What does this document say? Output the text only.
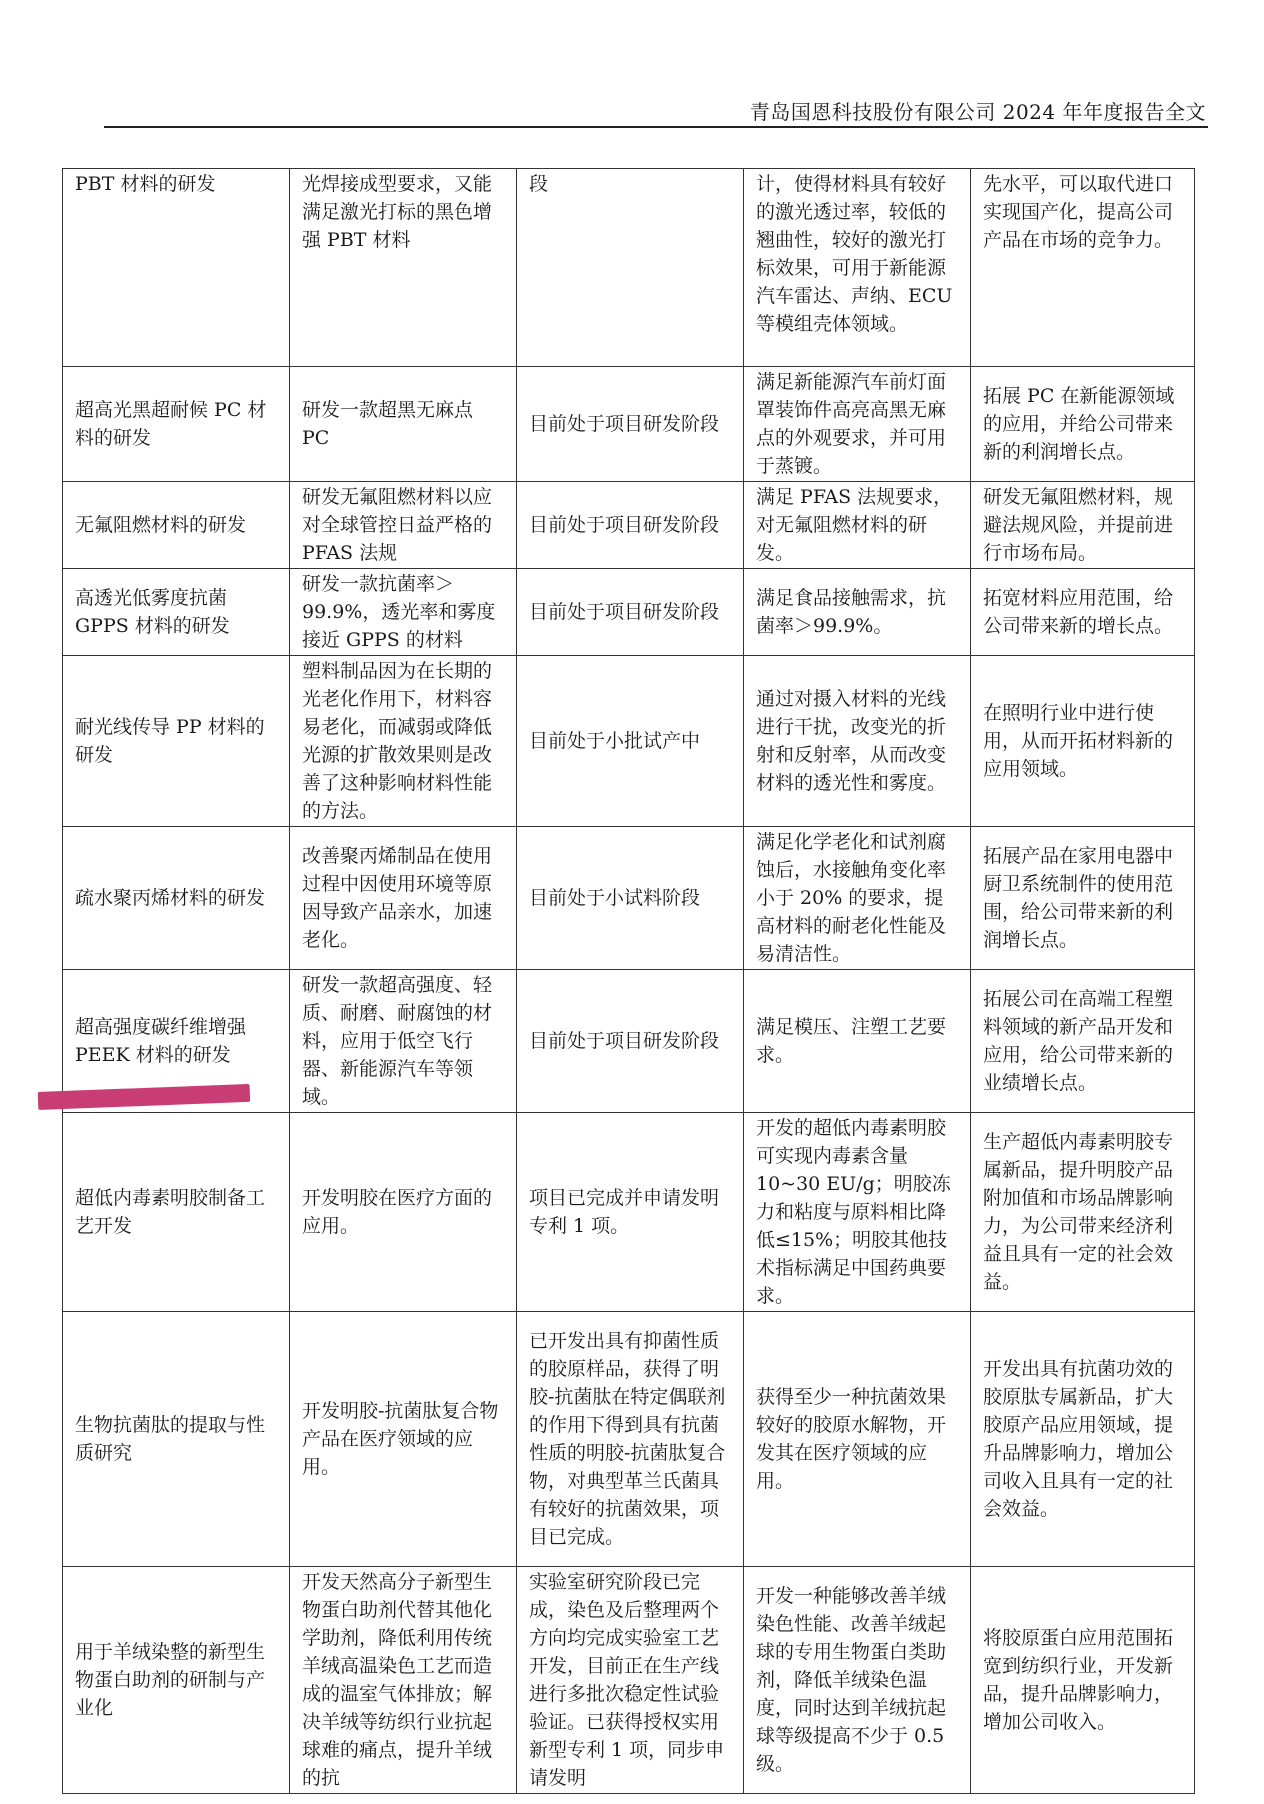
青岛国恩科技股份有限公司 2024 年年度报告全文
PBT 材料的研发	光焊接成型要求，又能满足激光打标的黑色增强 PBT 材料	段	计，使得材料具有较好的激光透过率，较低的翘曲性，较好的激光打标效果，可用于新能源汽车雷达、声纳、ECU 等模组壳体领域。	先水平，可以取代进口实现国产化，提高公司产品在市场的竞争力。
超高光黑超耐候 PC 材料的研发	研发一款超黑无麻点 PC	目前处于项目研发阶段	满足新能源汽车前灯面罩装饰件高亮高黑无麻点的外观要求，并可用于蒸镀。	拓展 PC 在新能源领域的应用，并给公司带来新的利润增长点。
无氟阻燃材料的研发	研发无氟阻燃材料以应对全球管控日益严格的 PFAS 法规	目前处于项目研发阶段	满足 PFAS 法规要求，对无氟阻燃材料的研发。	研发无氟阻燃材料，规避法规风险，并提前进行市场布局。
高透光低雾度抗菌 GPPS 材料的研发	研发一款抗菌率＞99.9%，透光率和雾度接近 GPPS 的材料	目前处于项目研发阶段	满足食品接触需求，抗菌率＞99.9%。	拓宽材料应用范围，给公司带来新的增长点。
耐光线传导 PP 材料的研发	塑料制品因为在长期的光老化作用下，材料容易老化，而减弱或降低光源的扩散效果则是改善了这种影响材料性能的方法。	目前处于小批试产中	通过对摄入材料的光线进行干扰，改变光的折射和反射率，从而改变材料的透光性和雾度。	在照明行业中进行使用，从而开拓材料新的应用领域。
疏水聚丙烯材料的研发	改善聚丙烯制品在使用过程中因使用环境等原因导致产品亲水，加速老化。	目前处于小试料阶段	满足化学老化和试剂腐蚀后，水接触角变化率小于 20% 的要求，提高材料的耐老化性能及易清洁性。	拓展产品在家用电器中厨卫系统制件的使用范围，给公司带来新的利润增长点。
超高强度碳纤维增强 PEEK 材料的研发	研发一款超高强度、轻质、耐磨、耐腐蚀的材料，应用于低空飞行器、新能源汽车等领域。	目前处于项目研发阶段	满足模压、注塑工艺要求。	拓展公司在高端工程塑料领域的新产品开发和应用，给公司带来新的业绩增长点。
超低内毒素明胶制备工艺开发	开发明胶在医疗方面的应用。	项目已完成并申请发明专利 1 项。	开发的超低内毒素明胶可实现内毒素含量 10~30 EU/g；明胶冻力和粘度与原料相比降低≤15%；明胶其他技术指标满足中国药典要求。	生产超低内毒素明胶专属新品，提升明胶产品附加值和市场品牌影响力，为公司带来经济利益且具有一定的社会效益。
生物抗菌肽的提取与性质研究	开发明胶-抗菌肽复合物产品在医疗领域的应用。	已开发出具有抑菌性质的胶原样品，获得了明胶-抗菌肽在特定偶联剂的作用下得到具有抗菌性质的明胶-抗菌肽复合物，对典型革兰氏菌具有较好的抗菌效果，项目已完成。	获得至少一种抗菌效果较好的胶原水解物，开发其在医疗领域的应用。	开发出具有抗菌功效的胶原肽专属新品，扩大胶原产品应用领域，提升品牌影响力，增加公司收入且具有一定的社会效益。
用于羊绒染整的新型生物蛋白助剂的研制与产业化	开发天然高分子新型生物蛋白助剂代替其他化学助剂，降低利用传统羊绒高温染色工艺而造成的温室气体排放；解决羊绒等纺织行业抗起球难的痛点，提升羊绒的抗	实验室研究阶段已完成，染色及后整理两个方向均完成实验室工艺开发，目前正在生产线进行多批次稳定性试验验证。已获得授权实用新型专利 1 项，同步申请发明	开发一种能够改善羊绒染色性能、改善羊绒起球的专用生物蛋白类助剂，降低羊绒染色温度，同时达到羊绒抗起球等级提高不少于 0.5 级。	将胶原蛋白应用范围拓宽到纺织行业，开发新品，提升品牌影响力，增加公司收入。
